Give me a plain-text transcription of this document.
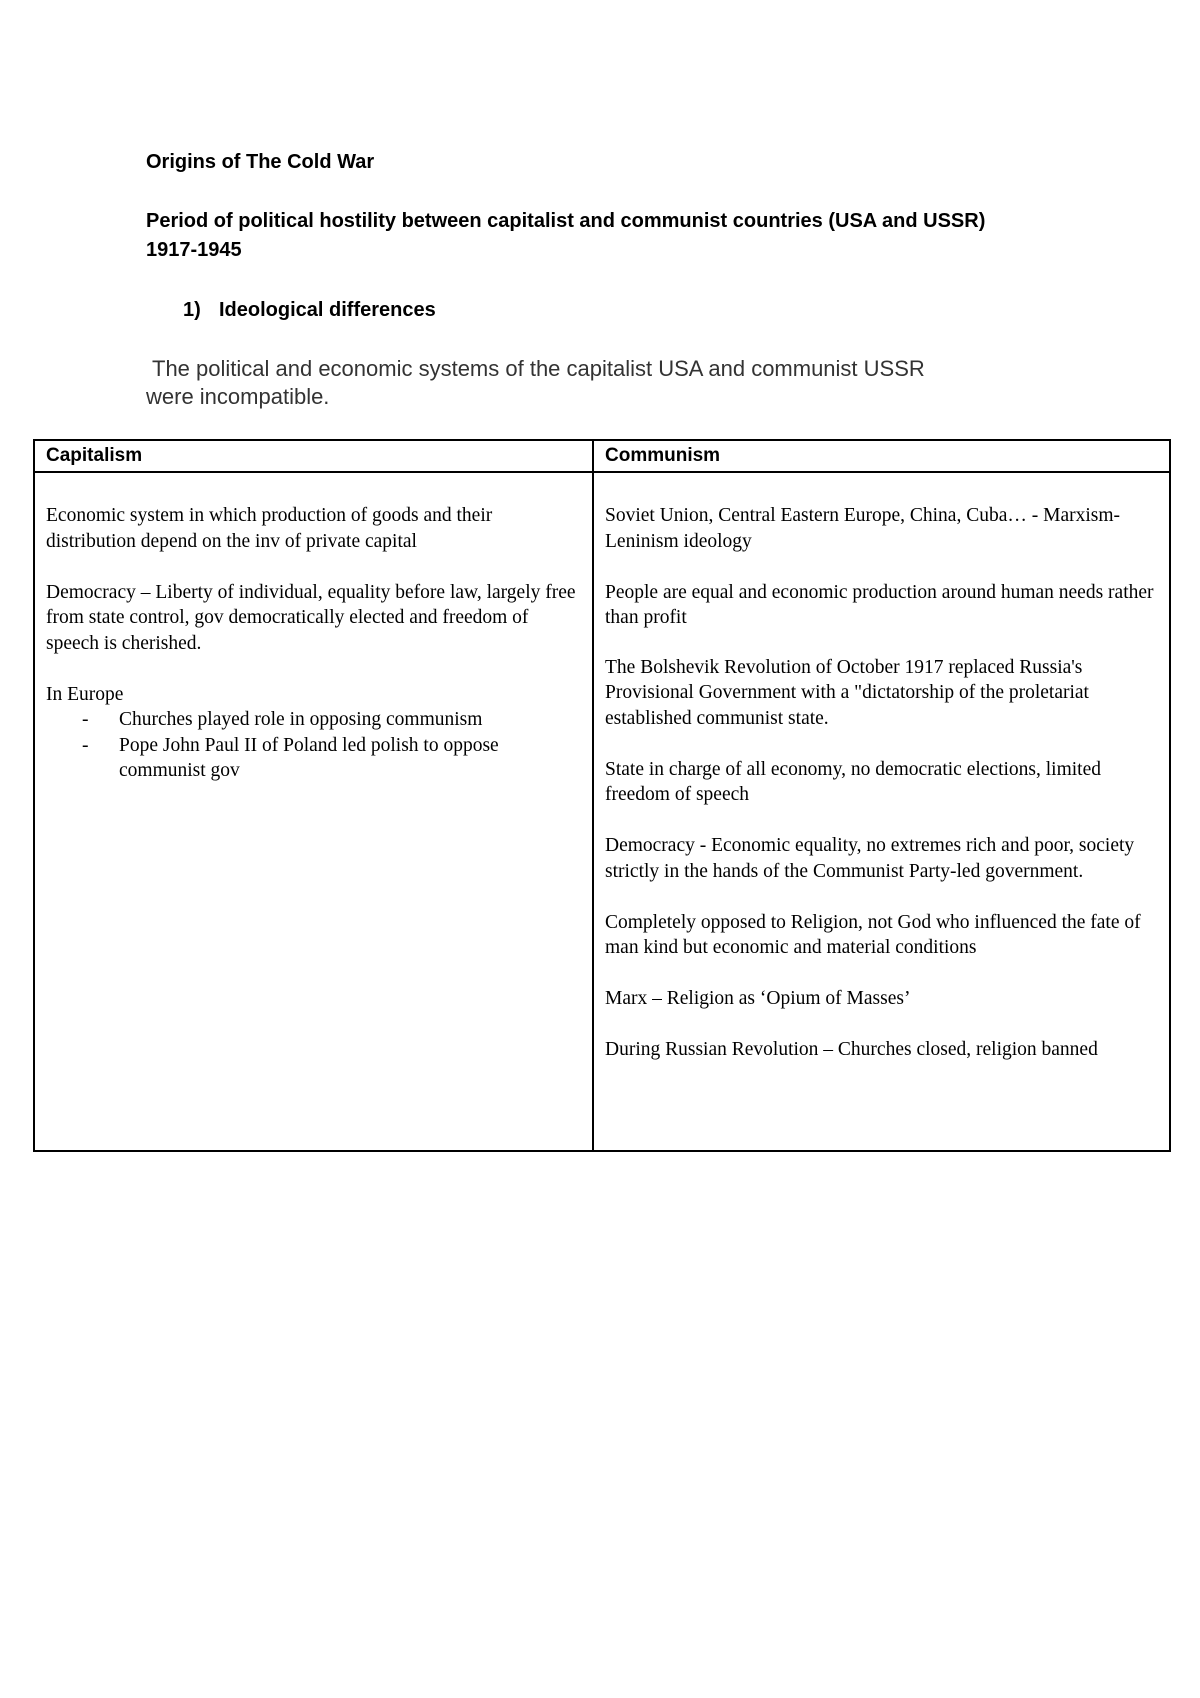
Origins of The Cold War

Period of political hostility between capitalist and communist countries (USA and USSR)
1917-1945

1) Ideological differences

The political and economic systems of the capitalist USA and communist USSR
were incompatible.
Capitalism	Communism

Economic system in which production of goods and their distribution depend on the inv of private capital

Democracy – Liberty of individual, equality before law, largely free from state control, gov democratically elected and freedom of speech is cherished.

In Europe

- Churches played role in opposing communism
- Pope John Paul II of Poland led polish to oppose communist gov

Soviet Union, Central Eastern Europe, China, Cuba… - Marxism-Leninism ideology

People are equal and economic production around human needs rather than profit

The Bolshevik Revolution of October 1917 replaced Russia's Provisional Government with a "dictatorship of the proletariat established communist state.

State in charge of all economy, no democratic elections, limited freedom of speech

Democracy - Economic equality, no extremes rich and poor, society strictly in the hands of the Communist Party-led government.

Completely opposed to Religion, not God who influenced the fate of man kind but economic and material conditions

Marx – Religion as ‘Opium of Masses’

During Russian Revolution – Churches closed, religion banned
